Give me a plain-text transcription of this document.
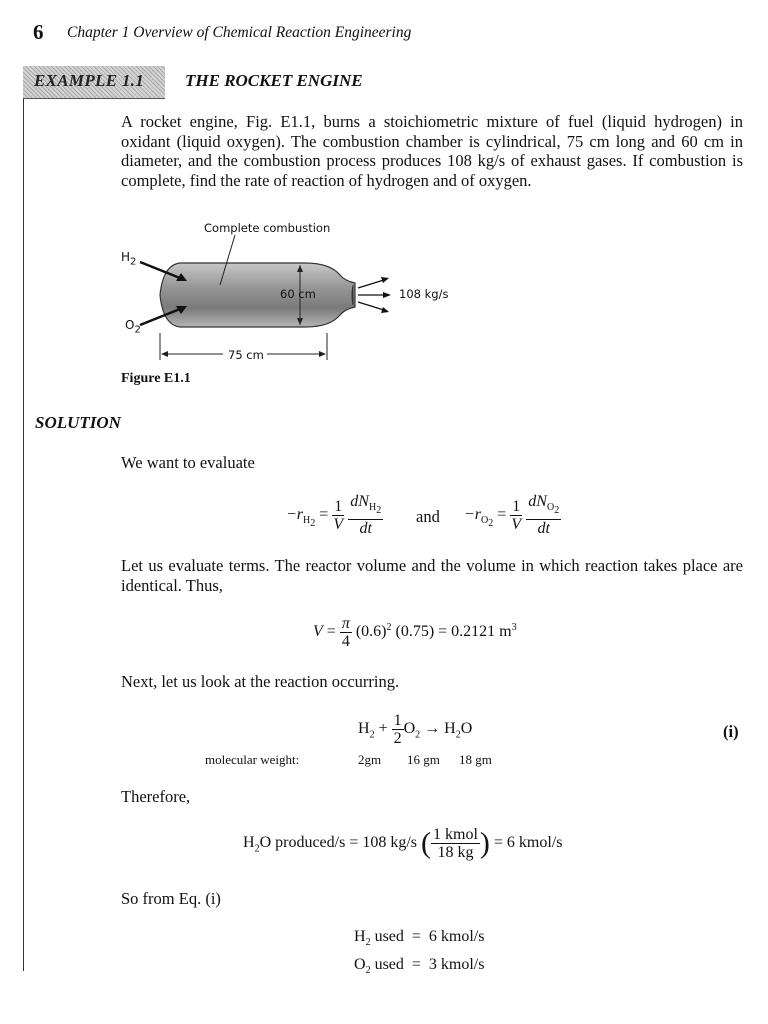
6 Chapter 1 Overview of Chemical Reaction Engineering
EXAMPLE 1.1 THE ROCKET ENGINE
A rocket engine, Fig. E1.1, burns a stoichiometric mixture of fuel (liquid hydrogen) in oxidant (liquid oxygen). The combustion chamber is cylindrical, 75 cm long and 60 cm in diameter, and the combustion process produces 108 kg/s of exhaust gases. If combustion is complete, find the rate of reaction of hydrogen and of oxygen.
Complete combustion
$H_2$
$O_2$
60 cm	108 kg/s
75 cm
Figure E1.1
SOLUTION
We want to evaluate
$-r_{H_2} = \frac{1}{V}$
$\frac{dN_{H_2}}{dt}$ and $-r_{O_2} = \frac{1}{V}$
$\frac{dN_{O_2}}{dt}$
Let us evaluate terms. The reactor volume and the volume in which reaction takes place are identical. Thus,
$V = \frac{\pi}{4} (0.6)^2$ (0.75) = 0.2121 $m^3$
Next, let us look at the reaction occurring.
$H_2 + \frac{1}{2} O_2 \to H_2O$	(i)
molecular weight:	2gm 16 gm 18 gm
Therefore,
$H_2O$ produced/s = 108 kg/s ( $\frac{\text{1 kmol}}{18 kg}$ ) = 6 kmol/s
So from Eq. (i)
$H_2$ used  =  6 kmol/s
$O_2$ used  =  3 kmol/s
